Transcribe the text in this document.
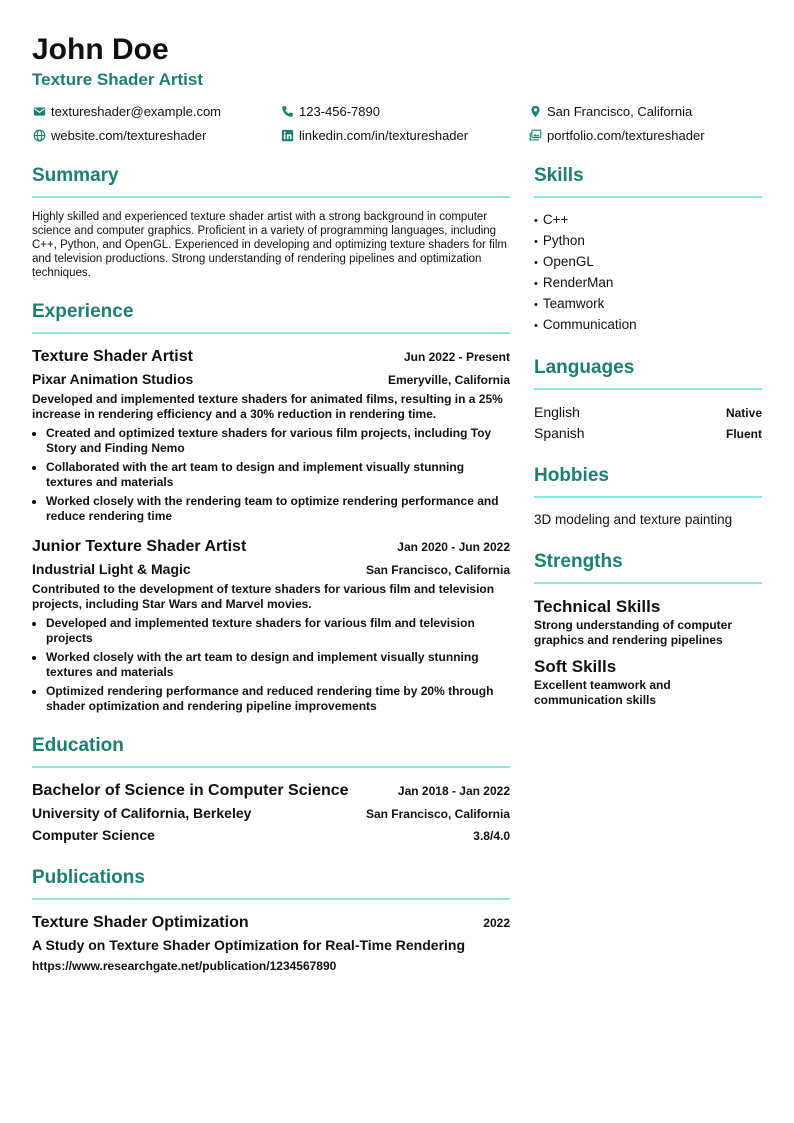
John Doe

Texture Shader Artist

textureshader@example.com	123-456-7890	San Francisco, California
website.com/textureshader	linkedin.com/in/textureshader	portfolio.com/textureshader
Summary

Highly skilled and experienced texture shader artist with a strong background in computer science and computer graphics. Proficient in a variety of programming languages, including C++, Python, and OpenGL. Experienced in developing and optimizing texture shaders for film and television productions. Strong understanding of rendering pipelines and optimization techniques.

Experience
Texture Shader Artist	Jun 2022 - Present
Pixar Animation Studios	Emeryville, California

Developed and implemented texture shaders for animated films, resulting in a 25% increase in rendering efficiency and a 30% reduction in rendering time.

• Created and optimized texture shaders for various film projects, including Toy Story and Finding Nemo
• Collaborated with the art team to design and implement visually stunning textures and materials
• Worked closely with the rendering team to optimize rendering performance and reduce rendering time
Junior Texture Shader Artist	Jan 2020 - Jun 2022
Industrial Light & Magic	San Francisco, California

Contributed to the development of texture shaders for various film and television projects, including Star Wars and Marvel movies.

• Developed and implemented texture shaders for various film and television projects
• Worked closely with the art team to design and implement visually stunning textures and materials
• Optimized rendering performance and reduced rendering time by 20% through shader optimization and rendering pipeline improvements
Education
Bachelor of Science in Computer Science	Jan 2018 - Jan 2022
University of California, Berkeley	San Francisco, California
Computer Science	3.8/4.0
Publications
Texture Shader Optimization	2022
A Study on Texture Shader Optimization for Real-Time Rendering
https://www.researchgate.net/publication/1234567890
Skills
• C++
• Python
• OpenGL
• RenderMan
• Teamwork
• Communication
Languages
English	Native
Spanish	Fluent
Hobbies
3D modeling and texture painting
Strengths
Technical Skills
Strong understanding of computer graphics and rendering pipelines
Soft Skills
Excellent teamwork and communication skills
